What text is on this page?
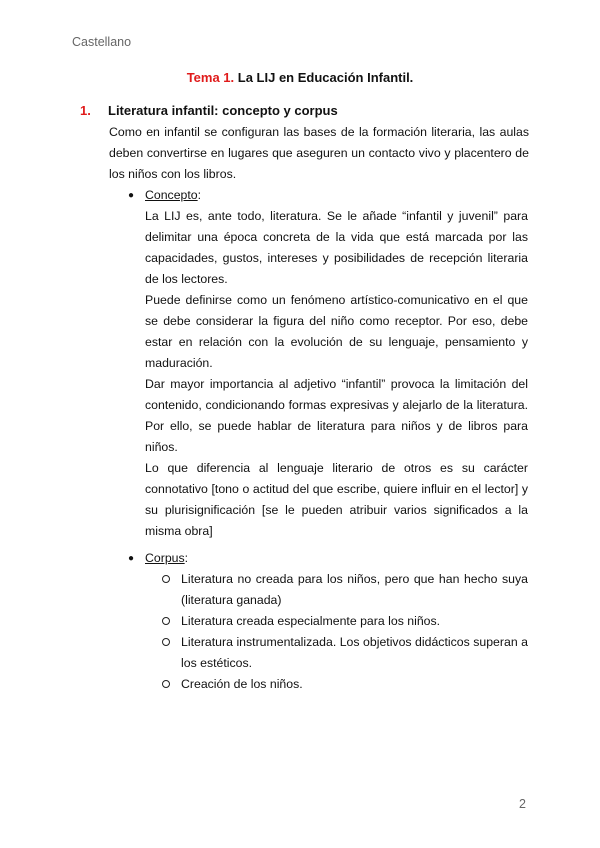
Castellano
Tema 1. La LIJ en Educación Infantil.
1. Literatura infantil: concepto y corpus
Como en infantil se configuran las bases de la formación literaria, las aulas deben convertirse en lugares que aseguren un contacto vivo y placentero de los niños con los libros.
● Concepto:

La LIJ es, ante todo, literatura. Se le añade “infantil y juvenil” para delimitar una época concreta de la vida que está marcada por las capacidades, gustos, intereses y posibilidades de recepción literaria de los lectores.

Puede definirse como un fenómeno artístico-comunicativo en el que se debe considerar la figura del niño como receptor. Por eso, debe estar en relación con la evolución de su lenguaje, pensamiento y maduración.

Dar mayor importancia al adjetivo “infantil” provoca la limitación del contenido, condicionando formas expresivas y alejarlo de la literatura. Por ello, se puede hablar de literatura para niños y de libros para niños.

Lo que diferencia al lenguaje literario de otros es su carácter connotativo [tono o actitud del que escribe, quiere influir en el lector] y su plurisignificación [se le pueden atribuir varios significados a la misma obra]

● Corpus:
Literatura no creada para los niños, pero que han hecho suya (literatura ganada)
Literatura creada especialmente para los niños.
Literatura instrumentalizada. Los objetivos didácticos superan a los estéticos.
Creación de los niños.
2
